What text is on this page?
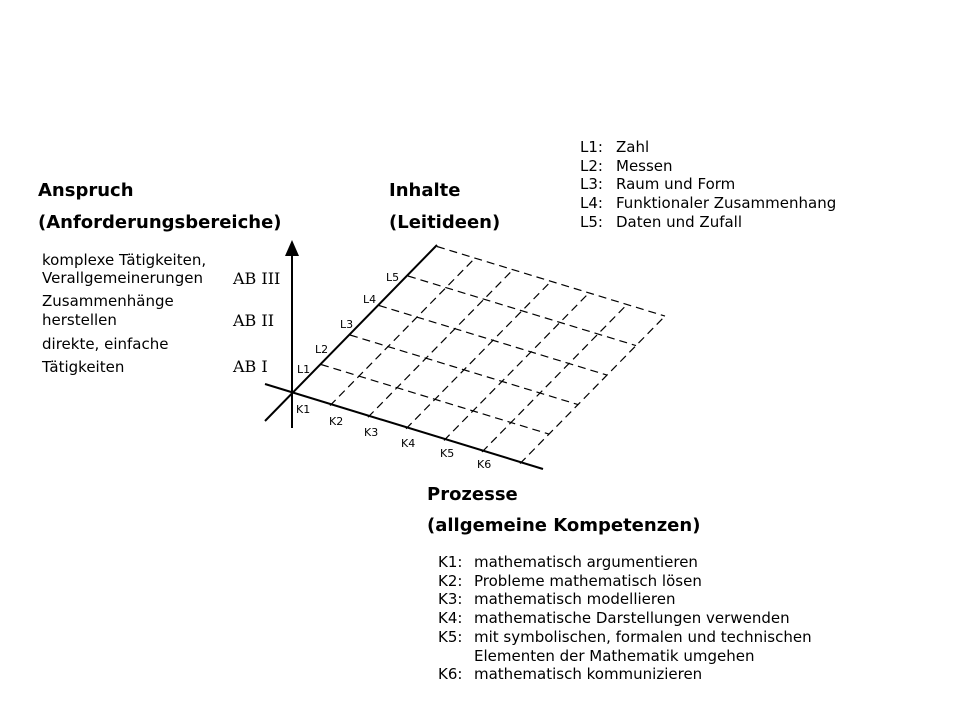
Anspruch
(Anforderungsbereiche)
Inhalte
(Leitideen)
Prozesse
(allgemeine Kompetenzen)
komplexe Tätigkeiten,
Verallgemeinerungen AB III
Zusammenhänge
herstellen	AB II
direkte, einfache
Tätigkeiten	AB I
L1: Zahl
L2: Messen
L3: Raum und Form
L4: Funktionaler Zusammenhang
L5: Daten und Zufall
K1: mathematisch argumentieren
K2: Probleme mathematisch lösen
K3: mathematisch modellieren
K4: mathematische Darstellungen verwenden
K5: mit symbolischen, formalen und technischen
Elementen der Mathematik umgehen
K6: mathematisch kommunizieren
L1
L2
L3
L4
L5
K1
K2
K3
K4
K5
K6
